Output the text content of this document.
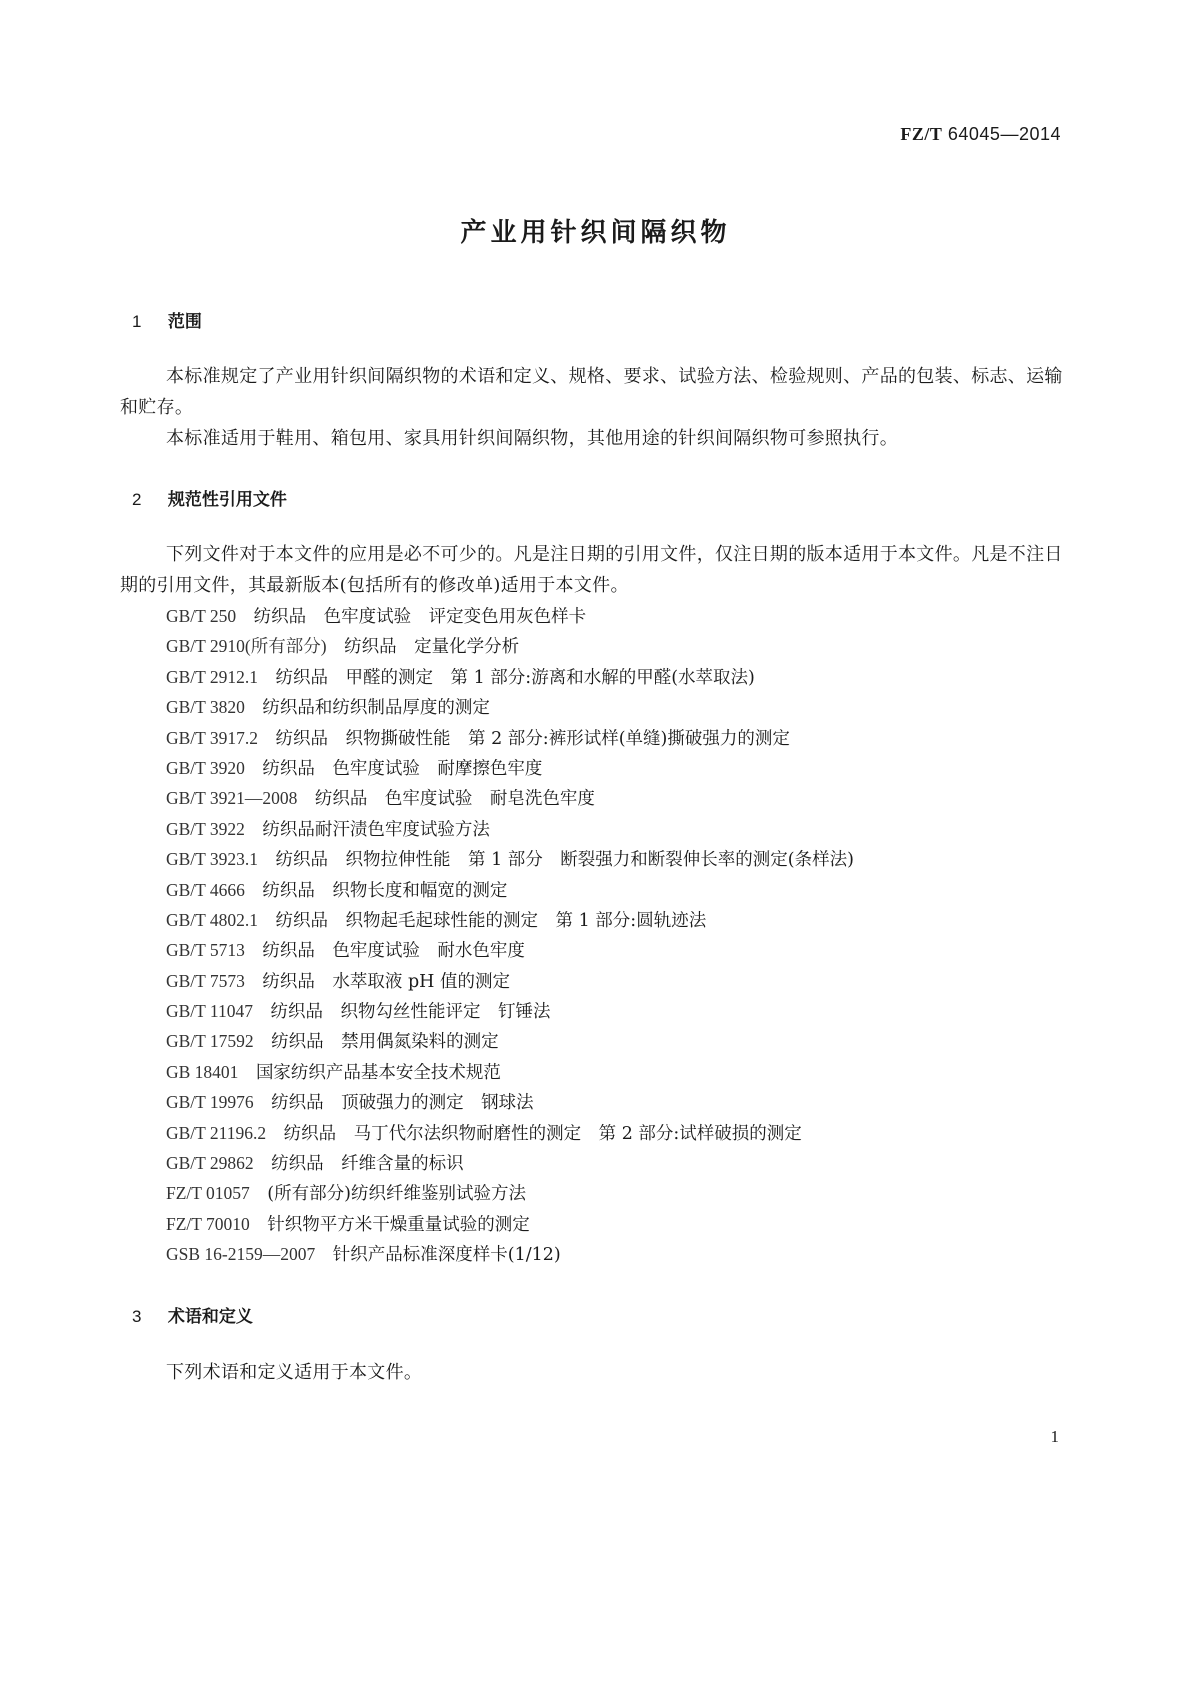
FZ/T 64045—2014
产业用针织间隔织物
1 范围

本标准规定了产业用针织间隔织物的术语和定义、规格、要求、试验方法、检验规则、产品的包装、标志、运输和贮存。

本标准适用于鞋用、箱包用、家具用针织间隔织物，其他用途的针织间隔织物可参照执行。

2 规范性引用文件

下列文件对于本文件的应用是必不可少的。凡是注日期的引用文件，仅注日期的版本适用于本文件。凡是不注日期的引用文件，其最新版本(包括所有的修改单)适用于本文件。

GB/T 250　 纺织品　色牢度试验　评定变色用灰色样卡
GB/T 2910(所有部分)　 纺织品　定量化学分析
GB/T 2912.1　 纺织品　甲醛的测定　第 1 部分:游离和水解的甲醛(水萃取法)
GB/T 3820　 纺织品和纺织制品厚度的测定
GB/T 3917.2　 纺织品　织物撕破性能　第 2 部分:裤形试样(单缝)撕破强力的测定
GB/T 3920　 纺织品　色牢度试验　耐摩擦色牢度
GB/T 3921—2008　 纺织品　色牢度试验　耐皂洗色牢度
GB/T 3922　 纺织品耐汗渍色牢度试验方法
GB/T 3923.1　 纺织品　织物拉伸性能　第 1 部分　断裂强力和断裂伸长率的测定(条样法)
GB/T 4666　 纺织品　织物长度和幅宽的测定
GB/T 4802.1　 纺织品　织物起毛起球性能的测定　第 1 部分:圆轨迹法
GB/T 5713　 纺织品　色牢度试验　耐水色牢度
GB/T 7573　 纺织品　水萃取液 pH 值的测定
GB/T 11047　 纺织品　织物勾丝性能评定　钉锤法
GB/T 17592　 纺织品　禁用偶氮染料的测定
GB 18401　 国家纺织产品基本安全技术规范
GB/T 19976　 纺织品　顶破强力的测定　钢球法
GB/T 21196.2　 纺织品　马丁代尔法织物耐磨性的测定　第 2 部分:试样破损的测定
GB/T 29862　 纺织品　纤维含量的标识
FZ/T 01057　 (所有部分)纺织纤维鉴别试验方法
FZ/T 70010　 针织物平方米干燥重量试验的测定
GSB 16-2159—2007　 针织产品标准深度样卡(1/12)
3 术语和定义

下列术语和定义适用于本文件。

1
